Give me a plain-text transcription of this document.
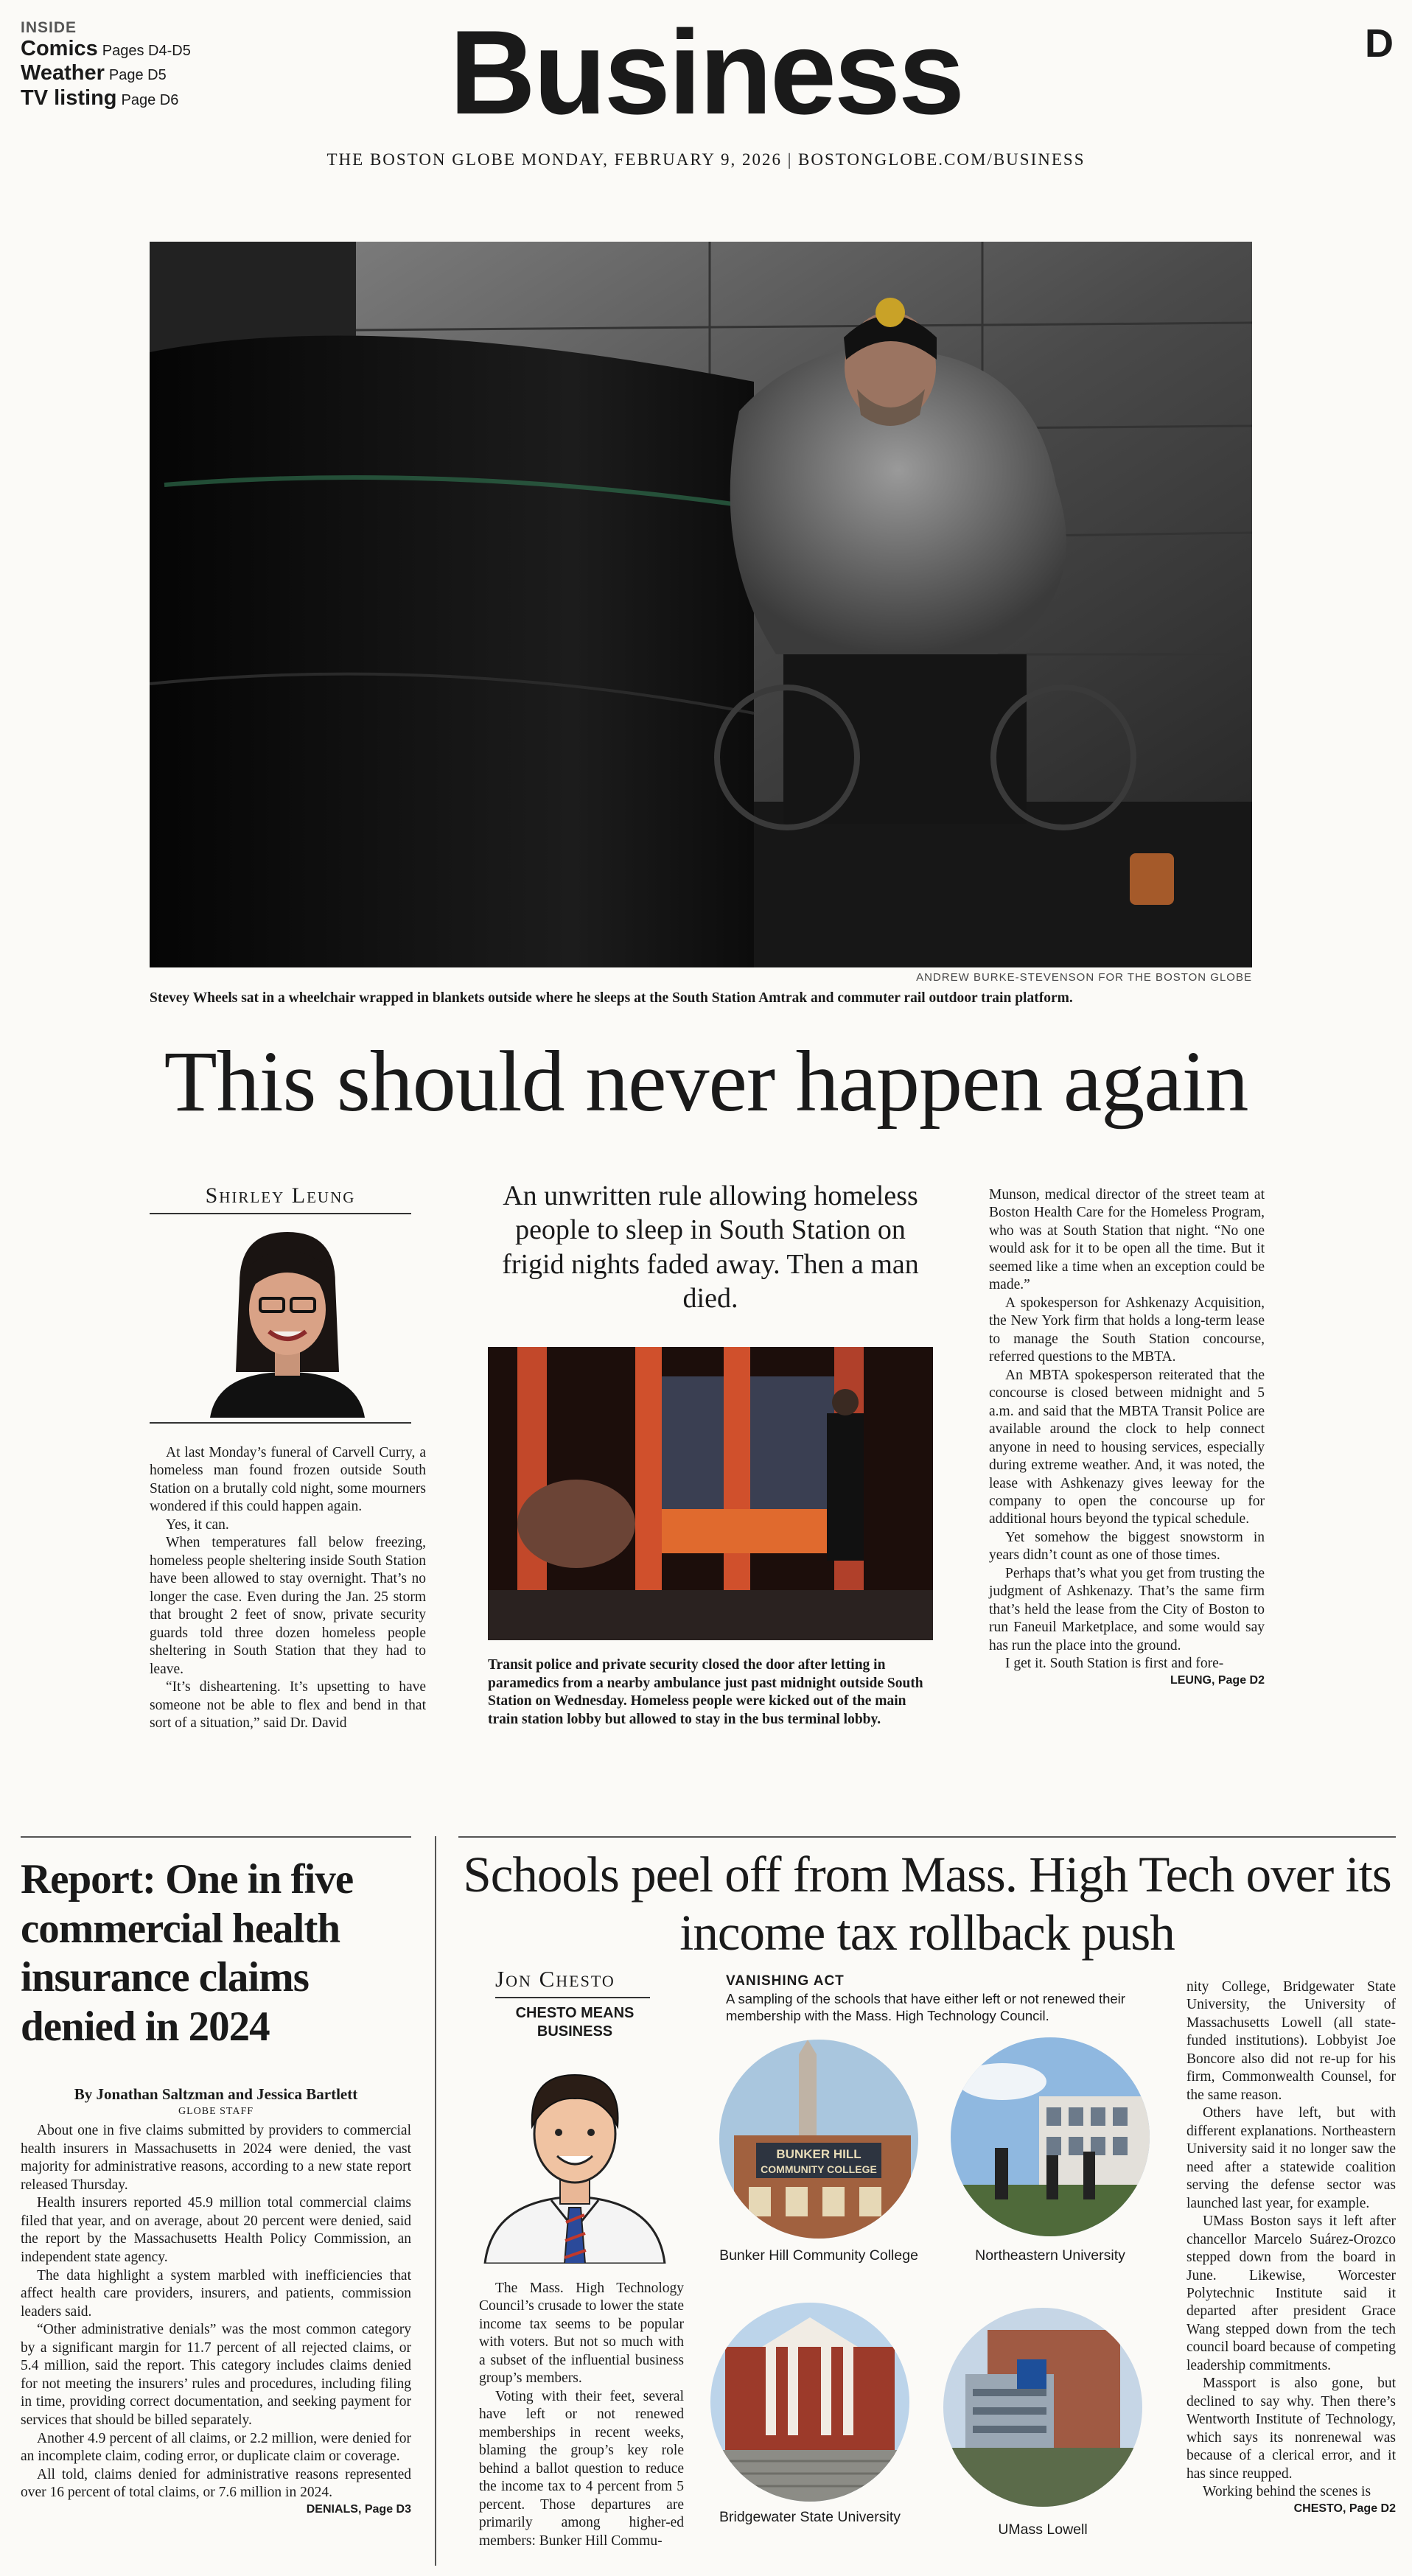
INSIDE
Comics Pages D4-D5
Weather Page D5
TV listing Page D6	Business	D
THE BOSTON GLOBE MONDAY, FEBRUARY 9, 2026 | BOSTONGLOBE.COM/BUSINESS
ANDREW BURKE-STEVENSON FOR THE BOSTON GLOBE
Stevey Wheels sat in a wheelchair wrapped in blankets outside where he sleeps at the South Station Amtrak and commuter rail outdoor train platform.
This should never happen again
Shirley Leung

At last Monday’s funeral of Carvell Curry, a homeless man found frozen outside South Station on a brutally cold night, some mourners wondered if this could happen again.

Yes, it can.

When temperatures fall below freezing, homeless people sheltering inside South Station have been allowed to stay overnight. That’s no longer the case. Even during the Jan. 25 storm that brought 2 feet of snow, private security guards told three dozen homeless people sheltering in South Station that they had to leave.

“It’s disheartening. It’s upsetting to have someone not be able to flex and bend in that sort of a situation,” said Dr. David

An unwritten rule allowing homeless people to sleep in South Station on frigid nights faded away. Then a man died.
Transit police and private security closed the door after letting in paramedics from a nearby ambulance just past midnight outside South Station on Wednesday. Homeless people were kicked out of the main train station lobby but allowed to stay in the bus terminal lobby.

Munson, medical director of the street team at Boston Health Care for the Homeless Program, who was at South Station that night. “No one would ask for it to be open all the time. But it seemed like a time when an exception could be made.”

A spokesperson for Ashkenazy Acquisition, the New York firm that holds a long-term lease to manage the South Station concourse, referred questions to the MBTA.

An MBTA spokesperson reiterated that the concourse is closed between midnight and 5 a.m. and said that the MBTA Transit Police are available around the clock to help connect anyone in need to housing services, especially during extreme weather. And, it was noted, the lease with Ashkenazy gives leeway for the company to open the concourse up for additional hours beyond the typical schedule.

Yet somehow the biggest snowstorm in years didn’t count as one of those times.

Perhaps that’s what you get from trusting the judgment of Ashkenazy. That’s the same firm that’s held the lease from the City of Boston to run Faneuil Marketplace, and some would say has run the place into the ground.

I get it. South Station is first and fore-

LEUNG, Page D2
Report: One in five commercial health insurance claims denied in 2024
By Jonathan Saltzman and Jessica Bartlett
GLOBE STAFF

About one in five claims submitted by providers to commercial health insurers in Massachusetts in 2024 were denied, the vast majority for administrative reasons, according to a new state report released Thursday.

Health insurers reported 45.9 million total commercial claims filed that year, and on average, about 20 percent were denied, said the report by the Massachusetts Health Policy Commission, an independent state agency.

The data highlight a system marbled with inefficiencies that affect health care providers, insurers, and patients, commission leaders said.

“Other administrative denials” was the most common category by a significant margin for 11.7 percent of all rejected claims, or 5.4 million, said the report. This category includes claims denied for not meeting the insurers’ rules and procedures, including filing in time, providing correct documentation, and seeking payment for services that should be billed separately.

Another 4.9 percent of all claims, or 2.2 million, were denied for an incomplete claim, coding error, or duplicate claim or coverage.

All told, claims denied for administrative reasons represented over 16 percent of total claims, or 7.6 million in 2024.

DENIALS, Page D3
Schools peel off from Mass. High Tech over its income tax rollback push
Jon Chesto
CHESTO MEANS BUSINESS

The Mass. High Technology Council’s crusade to lower the state income tax seems to be popular with voters. But not so much with a subset of the influential business group’s members.

Voting with their feet, several have left or not renewed memberships in recent weeks, blaming the group’s key role behind a ballot question to reduce the income tax to 4 percent from 5 percent. Those departures are primarily among higher-ed members: Bunker Hill Commu-

VANISHING ACT
A sampling of the schools that have either left or not renewed their membership with the Mass. High Technology Council.
BUNKER HILL
COMMUNITY COLLEGE
Bunker Hill Community College	Northeastern University
Bridgewater State University
UMass Lowell

nity College, Bridgewater State University, the University of Massachusetts Lowell (all state-funded institutions). Lobbyist Joe Boncore also did not re-up for his firm, Commonwealth Counsel, for the same reason.

Others have left, but with different explanations. Northeastern University said it no longer saw the need after a statewide coalition serving the defense sector was launched last year, for example.

UMass Boston says it left after chancellor Marcelo Suárez-Orozco stepped down from the board in June. Likewise, Worcester Polytechnic Institute said it departed after president Grace Wang stepped down from the tech council board because of competing leadership commitments.

Massport is also gone, but declined to say why. Then there’s Wentworth Institute of Technology, which says its nonrenewal was because of a clerical error, and it has since reupped.

Working behind the scenes is

CHESTO, Page D2
